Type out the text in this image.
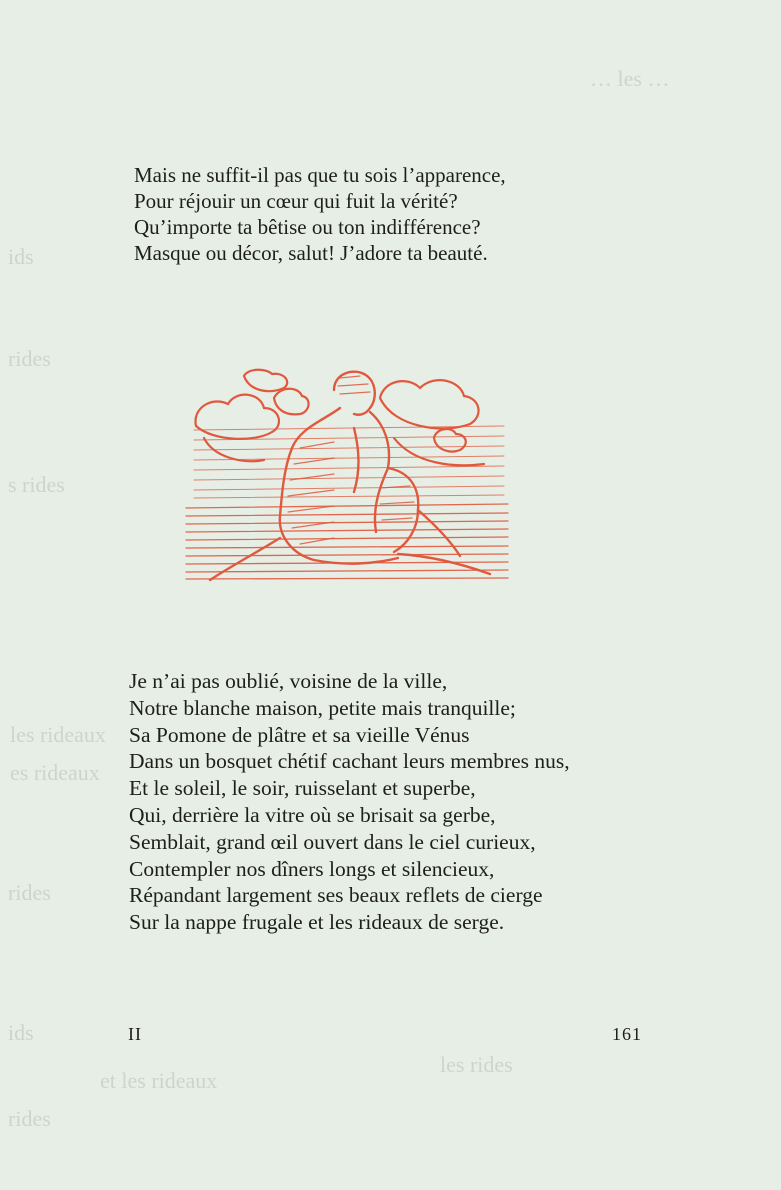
… les …
ids
rides
s rides
les rideaux
es rideaux
rides
ids
et les rideaux
les rides
rides
Mais ne suffit-il pas que tu sois l’apparence,
Pour réjouir un cœur qui fuit la vérité?
Qu’importe ta bêtise ou ton indifférence?
Masque ou décor, salut! J’adore ta beauté.
Je n’ai pas oublié, voisine de la ville,
Notre blanche maison, petite mais tranquille;
Sa Pomone de plâtre et sa vieille Vénus
Dans un bosquet chétif cachant leurs membres nus,
Et le soleil, le soir, ruisselant et superbe,
Qui, derrière la vitre où se brisait sa gerbe,
Semblait, grand œil ouvert dans le ciel curieux,
Contempler nos dîners longs et silencieux,
Répandant largement ses beaux reflets de cierge
Sur la nappe frugale et les rideaux de serge.
II	161
